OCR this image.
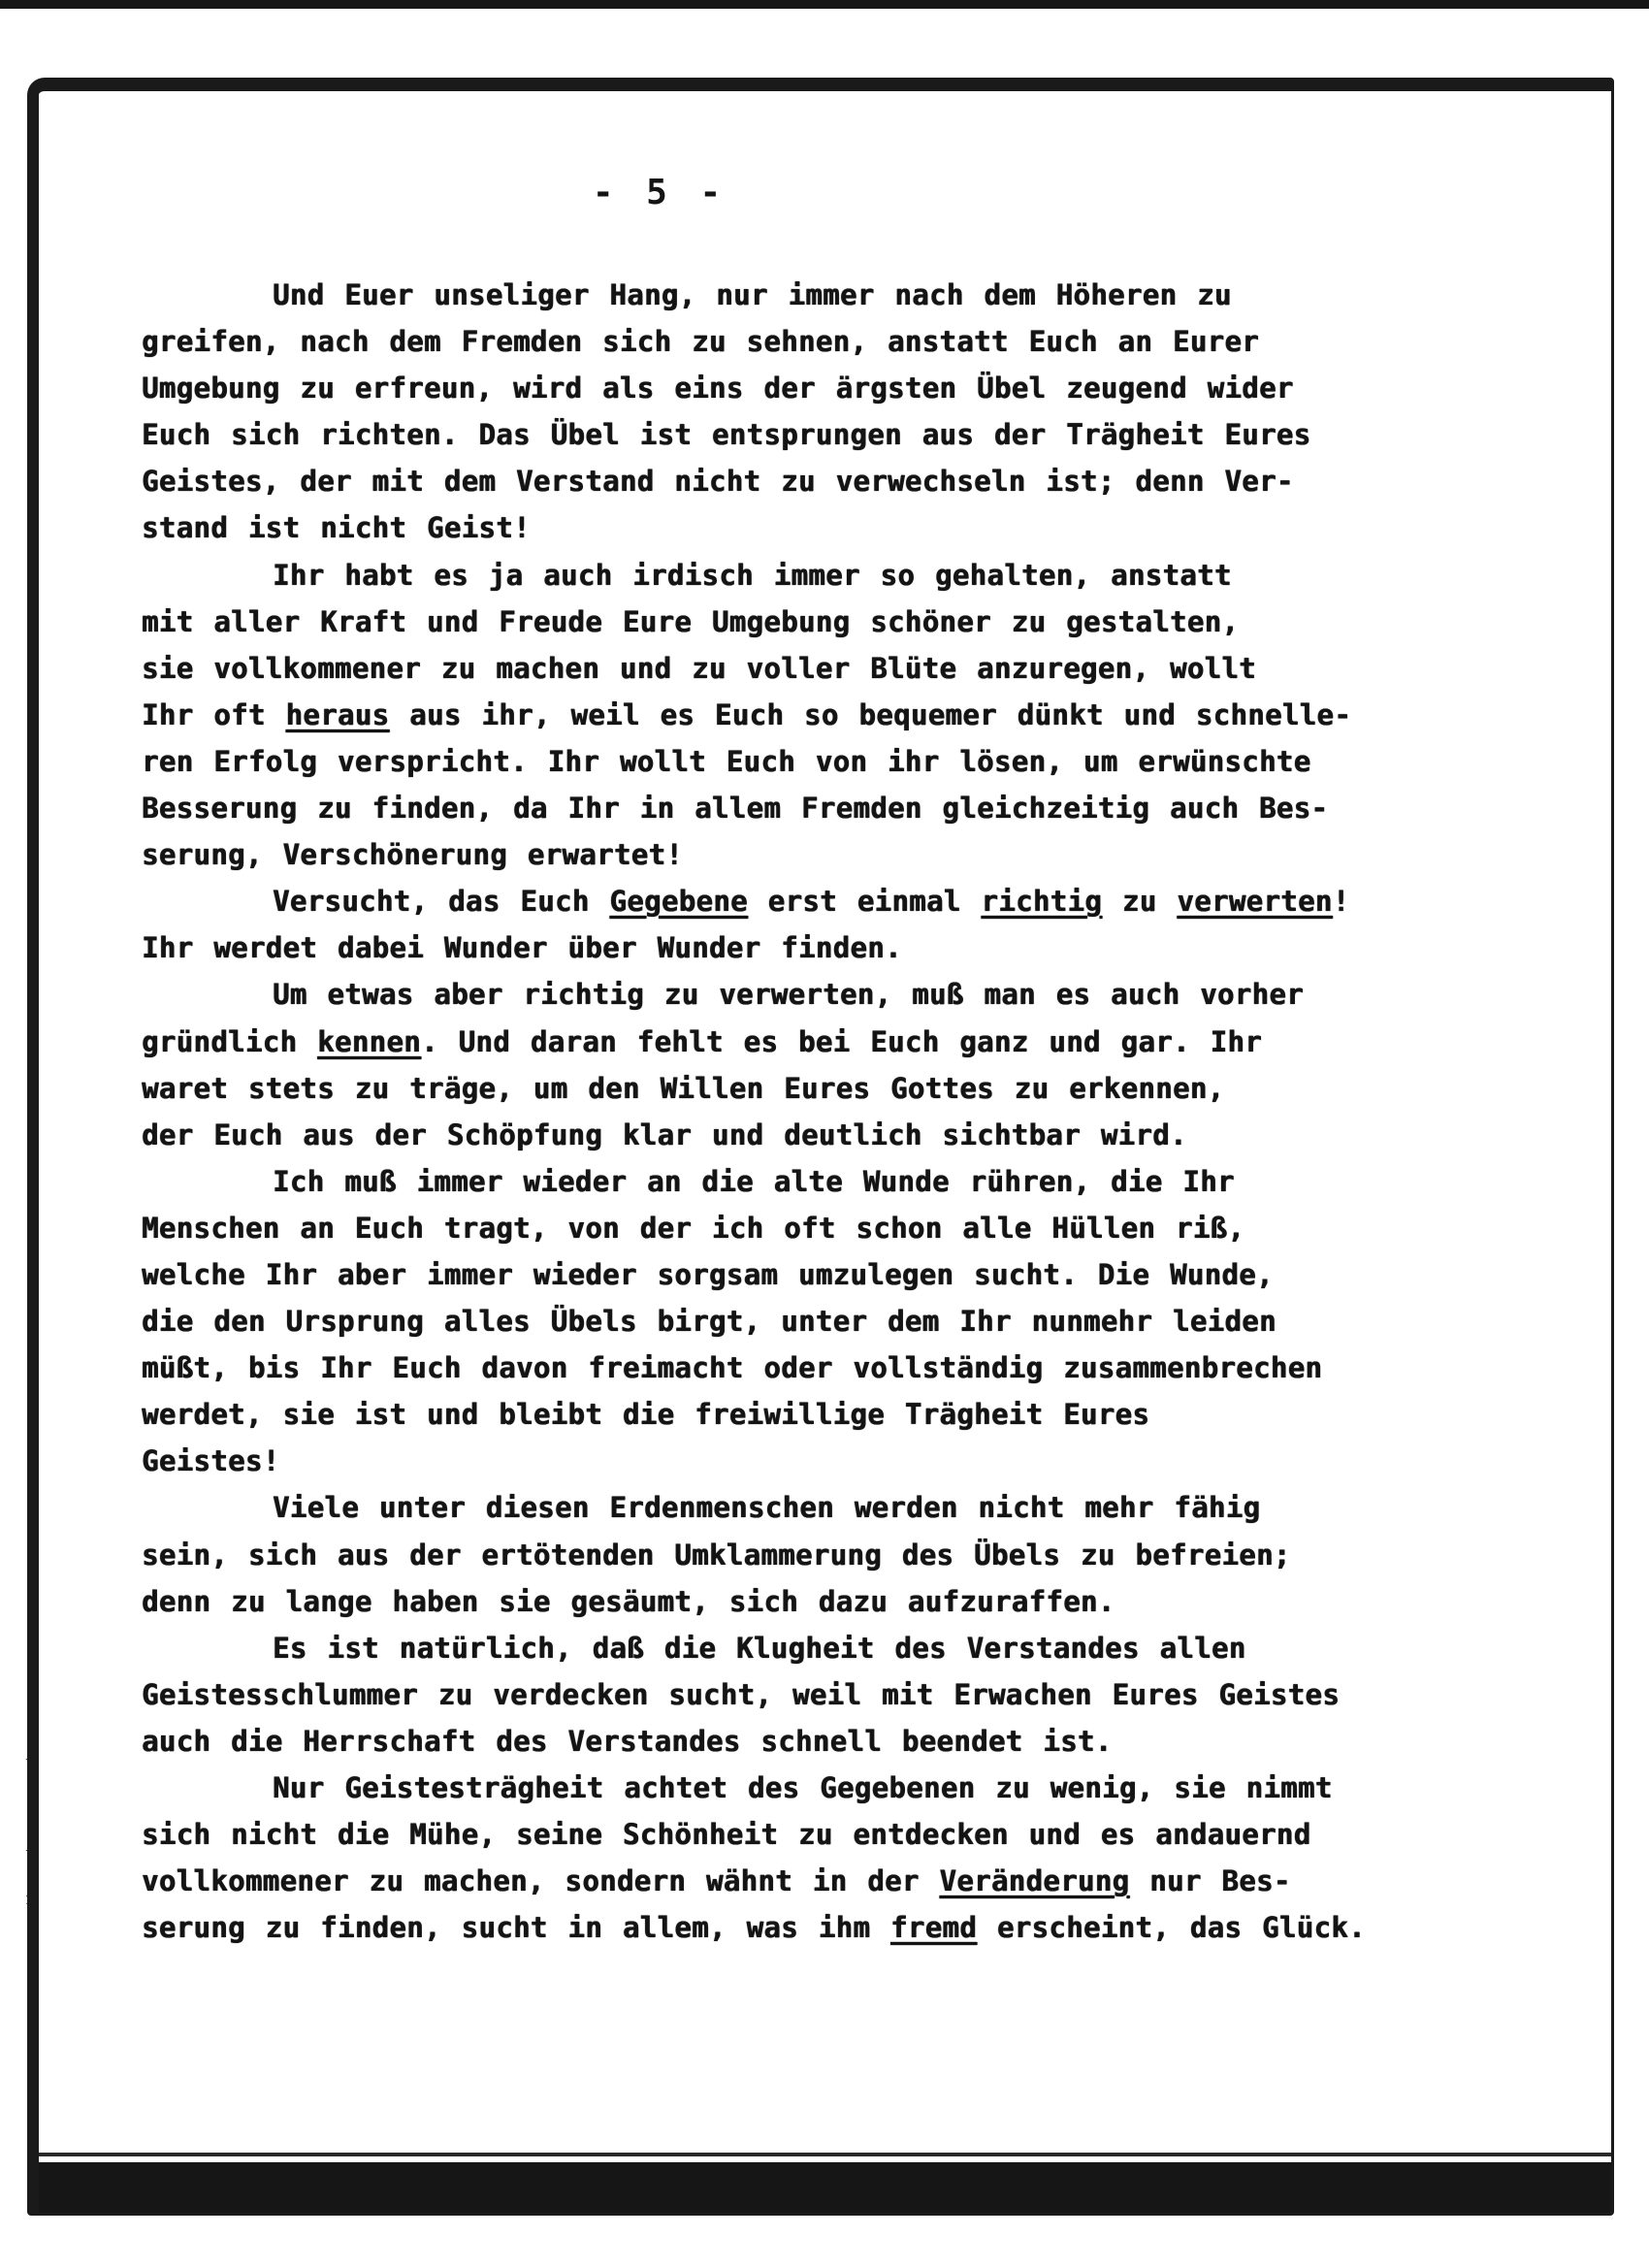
- 5 -
Und Euer unseliger Hang, nur immer nach dem Höheren zu
greifen, nach dem Fremden sich zu sehnen, anstatt Euch an Eurer
Umgebung zu erfreun, wird als eins der ärgsten Übel zeugend wider
Euch sich richten. Das Übel ist entsprungen aus der Trägheit Eures
Geistes, der mit dem Verstand nicht zu verwechseln ist; denn Ver-
stand ist nicht Geist!
Ihr habt es ja auch irdisch immer so gehalten, anstatt
mit aller Kraft und Freude Eure Umgebung schöner zu gestalten,
sie vollkommener zu machen und zu voller Blüte anzuregen, wollt
Ihr oft heraus aus ihr, weil es Euch so bequemer dünkt und schnelle-
ren Erfolg verspricht. Ihr wollt Euch von ihr lösen, um erwünschte
Besserung zu finden, da Ihr in allem Fremden gleichzeitig auch Bes-
serung, Verschönerung erwartet!
Versucht, das Euch Gegebene erst einmal richtig zu verwerten!
Ihr werdet dabei Wunder über Wunder finden.
Um etwas aber richtig zu verwerten, muß man es auch vorher
gründlich kennen. Und daran fehlt es bei Euch ganz und gar. Ihr
waret stets zu träge, um den Willen Eures Gottes zu erkennen,
der Euch aus der Schöpfung klar und deutlich sichtbar wird.
Ich muß immer wieder an die alte Wunde rühren, die Ihr
Menschen an Euch tragt, von der ich oft schon alle Hüllen riß,
welche Ihr aber immer wieder sorgsam umzulegen sucht. Die Wunde,
die den Ursprung alles Übels birgt, unter dem Ihr nunmehr leiden
müßt, bis Ihr Euch davon freimacht oder vollständig zusammenbrechen
werdet, sie ist und bleibt die freiwillige Trägheit Eures
Geistes!
Viele unter diesen Erdenmenschen werden nicht mehr fähig
sein, sich aus der ertötenden Umklammerung des Übels zu befreien;
denn zu lange haben sie gesäumt, sich dazu aufzuraffen.
Es ist natürlich, daß die Klugheit des Verstandes allen
Geistesschlummer zu verdecken sucht, weil mit Erwachen Eures Geistes
auch die Herrschaft des Verstandes schnell beendet ist.
Nur Geistesträgheit achtet des Gegebenen zu wenig, sie nimmt
sich nicht die Mühe, seine Schönheit zu entdecken und es andauernd
vollkommener zu machen, sondern wähnt in der Veränderung nur Bes-
serung zu finden, sucht in allem, was ihm fremd erscheint, das Glück.
